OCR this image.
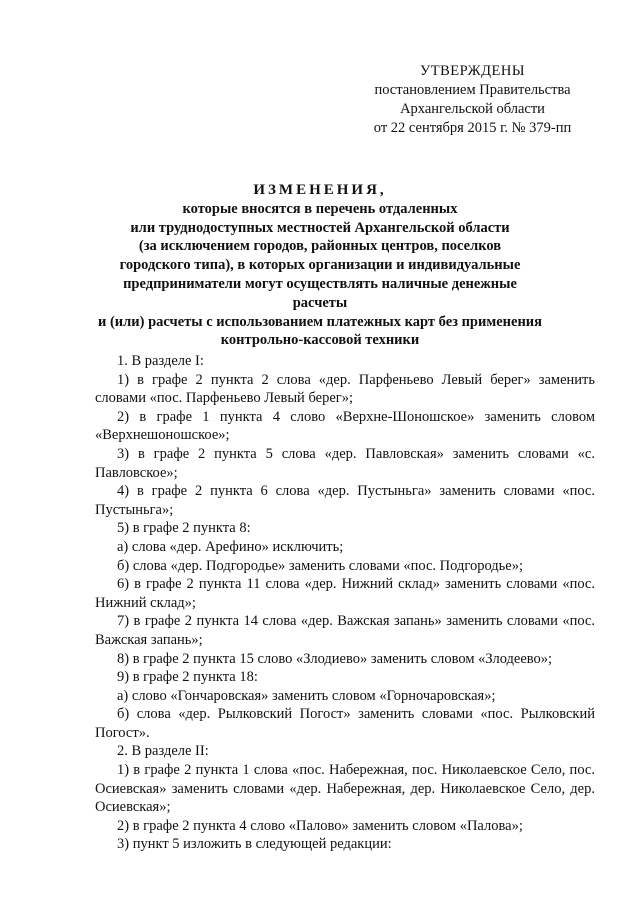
УТВЕРЖДЕНЫ
постановлением Правительства
Архангельской области
от 22 сентября 2015 г. № 379-пп
ИЗМЕНЕНИЯ,
которые вносятся в перечень отдаленных
или труднодоступных местностей Архангельской области
(за исключением городов, районных центров, поселков
городского типа), в которых организации и индивидуальные
предприниматели могут осуществлять наличные денежные расчеты
и (или) расчеты с использованием платежных карт без применения
контрольно-кассовой техники

1. В разделе I:

1) в графе 2 пункта 2 слова «дер. Парфеньево Левый берег» заменить словами «пос. Парфеньево Левый берег»;

2) в графе 1 пункта 4 слово «Верхне-Шоношское» заменить словом «Верхнешоношское»;

3) в графе 2 пункта 5 слова «дер. Павловская» заменить словами «с. Павловское»;

4) в графе 2 пункта 6 слова «дер. Пустыньга» заменить словами «пос. Пустыньга»;

5) в графе 2 пункта 8:

а) слова «дер. Арефино» исключить;

б) слова «дер. Подгородье» заменить словами «пос. Подгородье»;

6) в графе 2 пункта 11 слова «дер. Нижний склад» заменить словами «пос. Нижний склад»;

7) в графе 2 пункта 14 слова «дер. Важская запань» заменить словами «пос. Важская запань»;

8) в графе 2 пункта 15 слово «Злодиево» заменить словом «Злодеево»;

9) в графе 2 пункта 18:

а) слово «Гончаровская» заменить словом «Горночаровская»;

б) слова «дер. Рылковский Погост» заменить словами «пос. Рылковский Погост».

2. В разделе II:

1) в графе 2 пункта 1 слова «пос. Набережная, пос. Николаевское Село, пос. Осиевская» заменить словами «дер. Набережная, дер. Николаевское Село, дер. Осиевская»;

2) в графе 2 пункта 4 слово «Палово» заменить словом «Палова»;

3) пункт 5 изложить в следующей редакции:
